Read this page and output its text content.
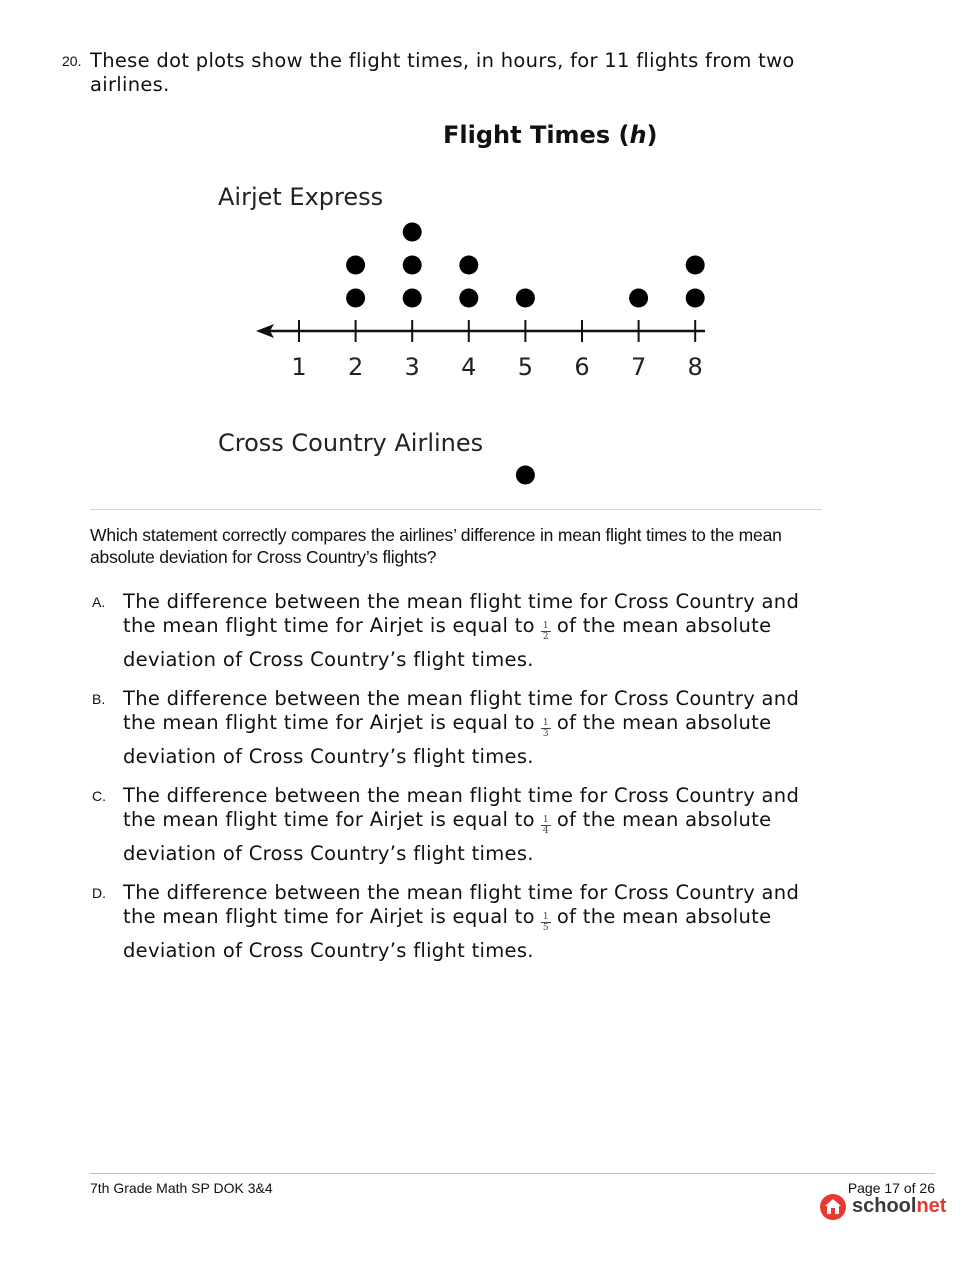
20. These dot plots show the flight times, in hours, for 11 flights from two airlines.
Flight Times (h)
Airjet Express
Cross Country Airlines
1 2 3 4 5 6 7 8
Which statement correctly compares the airlines’ difference in mean flight times to the mean absolute deviation for Cross Country’s flights?
A. The difference between the mean flight time for Cross Country and
the mean flight time for Airjet is equal to $\frac{1}{2}$ of the mean absolute
deviation of Cross Country’s flight times.
B. The difference between the mean flight time for Cross Country and
the mean flight time for Airjet is equal to $\frac{1}{3}$ of the mean absolute
deviation of Cross Country’s flight times.
C. The difference between the mean flight time for Cross Country and
the mean flight time for Airjet is equal to $\frac{1}{4}$ of the mean absolute
deviation of Cross Country’s flight times.
D. The difference between the mean flight time for Cross Country and
the mean flight time for Airjet is equal to $\frac{1}{5}$ of the mean absolute
deviation of Cross Country’s flight times.
7th Grade Math SP DOK 3&4	Page 17 of 26
schoolnet
